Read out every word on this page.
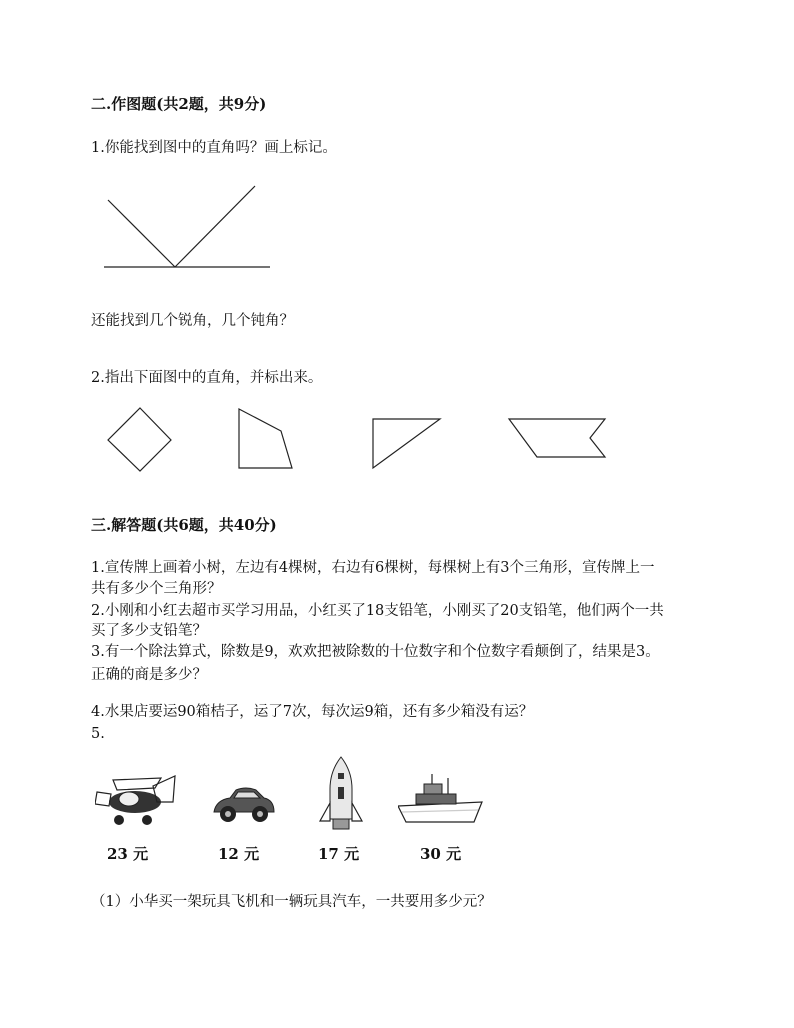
二.作图题(共2题，共9分)
1.你能找到图中的直角吗？画上标记。
还能找到几个锐角，几个钝角？
2.指出下面图中的直角，并标出来。
三.解答题(共6题，共40分)
1.宣传牌上画着小树，左边有4棵树，右边有6棵树，每棵树上有3个三角形，宣传牌上一
共有多少个三角形？
2.小刚和小红去超市买学习用品，小红买了18支铅笔，小刚买了20支铅笔，他们两个一共
买了多少支铅笔？
3.有一个除法算式，除数是9，欢欢把被除数的十位数字和个位数字看颠倒了，结果是3。
正确的商是多少？
4.水果店要运90箱桔子，运了7次，每次运9箱，还有多少箱没有运？
5.
23 元	12 元	17 元	30 元
（1）小华买一架玩具飞机和一辆玩具汽车，一共要用多少元？
